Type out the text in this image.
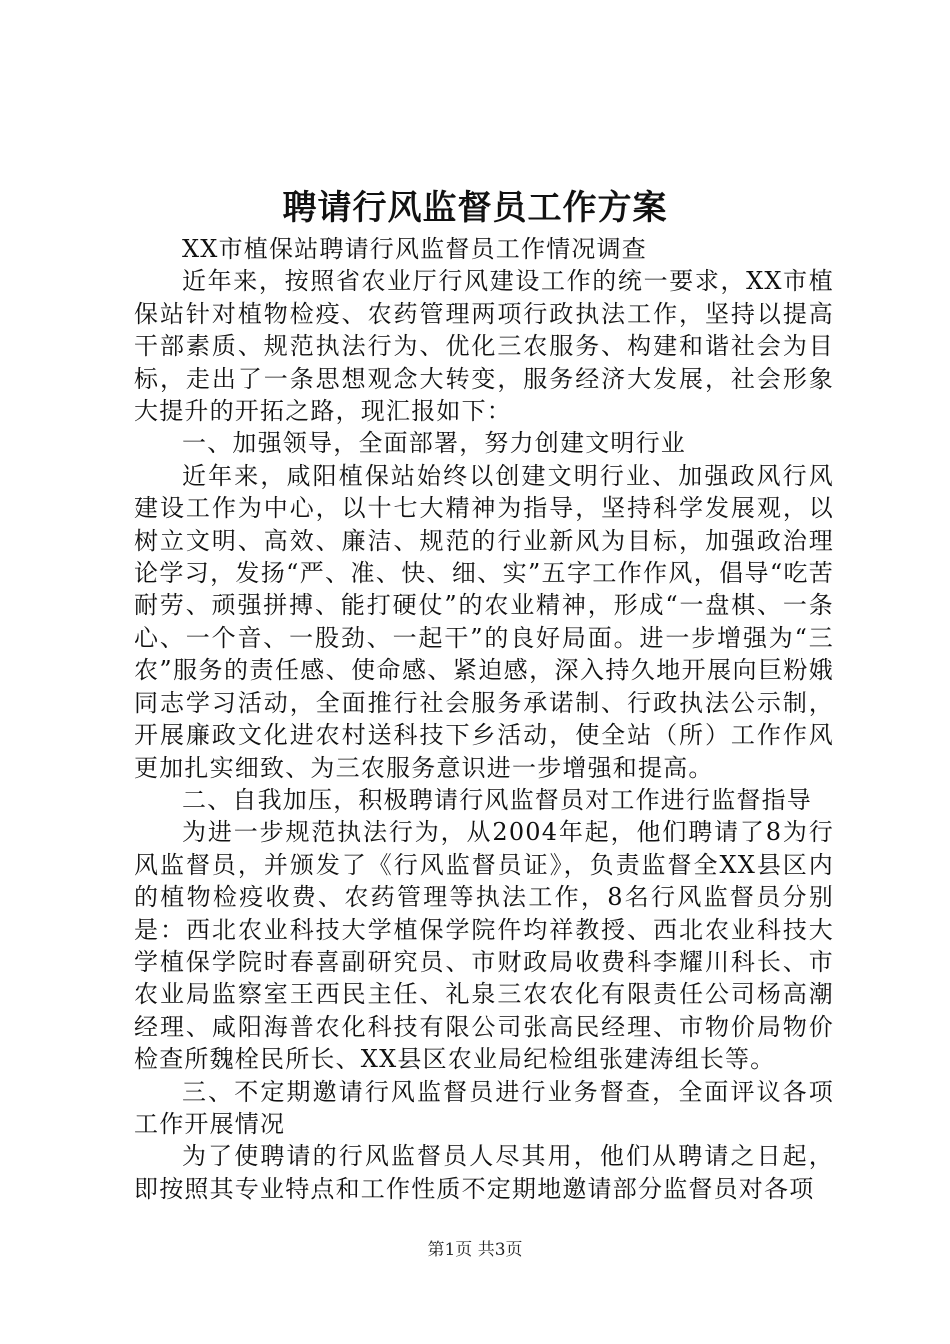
聘请行风监督员工作方案

XX市植保站聘请行风监督员工作情况调查

近年来，按照省农业厅行风建设工作的统一要求，XX市植保站针对植物检疫、农药管理两项行政执法工作，坚持以提高干部素质、规范执法行为、优化三农服务、构建和谐社会为目标，走出了一条思想观念大转变，服务经济大发展，社会形象大提升的开拓之路，现汇报如下：

一、加强领导，全面部署，努力创建文明行业

近年来，咸阳植保站始终以创建文明行业、加强政风行风建设工作为中心，以十七大精神为指导，坚持科学发展观，以树立文明、高效、廉洁、规范的行业新风为目标，加强政治理论学习，发扬“严、准、快、细、实”五字工作作风，倡导“吃苦耐劳、顽强拼搏、能打硬仗”的农业精神，形成“一盘棋、一条心、一个音、一股劲、一起干”的良好局面。进一步增强为“三农”服务的责任感、使命感、紧迫感，深入持久地开展向巨粉娥同志学习活动，全面推行社会服务承诺制、行政执法公示制，开展廉政文化进农村送科技下乡活动，使全站（所）工作作风更加扎实细致、为三农服务意识进一步增强和提高。

二、自我加压，积极聘请行风监督员对工作进行监督指导

为进一步规范执法行为，从2004年起，他们聘请了8为行风监督员，并颁发了《行风监督员证》，负责监督全XX县区内的植物检疫收费、农药管理等执法工作，8名行风监督员分别是：西北农业科技大学植保学院仵均祥教授、西北农业科技大学植保学院时春喜副研究员、市财政局收费科李耀川科长、市农业局监察室王西民主任、礼泉三农农化有限责任公司杨高潮经理、咸阳海普农化科技有限公司张高民经理、市物价局物价检查所魏栓民所长、XX县区农业局纪检组张建涛组长等。

三、不定期邀请行风监督员进行业务督查，全面评议各项工作开展情况

为了使聘请的行风监督员人尽其用，他们从聘请之日起，即按照其专业特点和工作性质不定期地邀请部分监督员对各项

第1页 共3页
